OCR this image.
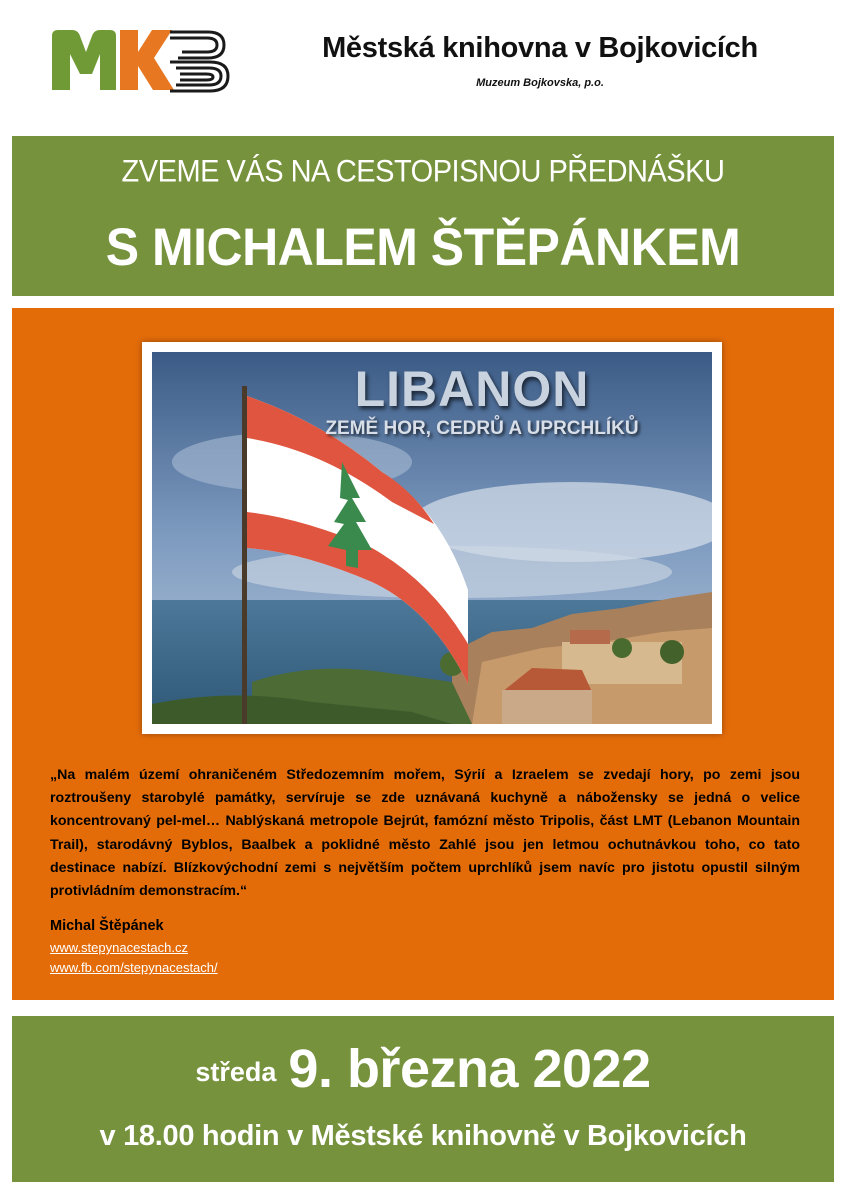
Městská knihovna v Bojkovicích
Muzeum Bojkovska, p.o.
ZVEME VÁS NA CESTOPISNOU PŘEDNÁŠKU
S MICHALEM ŠTĚPÁNKEM
LIBANON
ZEMĚ HOR, CEDRŮ A UPRCHLÍKŮ
„Na malém území ohraničeném Středozemním mořem, Sýrií a Izraelem se zvedají hory, po zemi jsou roztroušeny starobylé památky, servíruje se zde uznávaná kuchyně a nábožensky se jedná o velice koncentrovaný pel-mel… Nablýskaná metropole Bejrút, famózní město Tripolis, část LMT (Lebanon Mountain Trail), starodávný Byblos, Baalbek a poklidné město Zahlé jsou jen letmou ochutnávkou toho, co tato destinace nabízí. Blízkovýchodní zemi s největším počtem uprchlíků jsem navíc pro jistotu opustil silným protivládním demonstracím.“
Michal Štěpánek
www.stepynacestach.cz
www.fb.com/stepynacestach/
středa 9. března 2022
v 18.00 hodin v Městské knihovně v Bojkovicích
